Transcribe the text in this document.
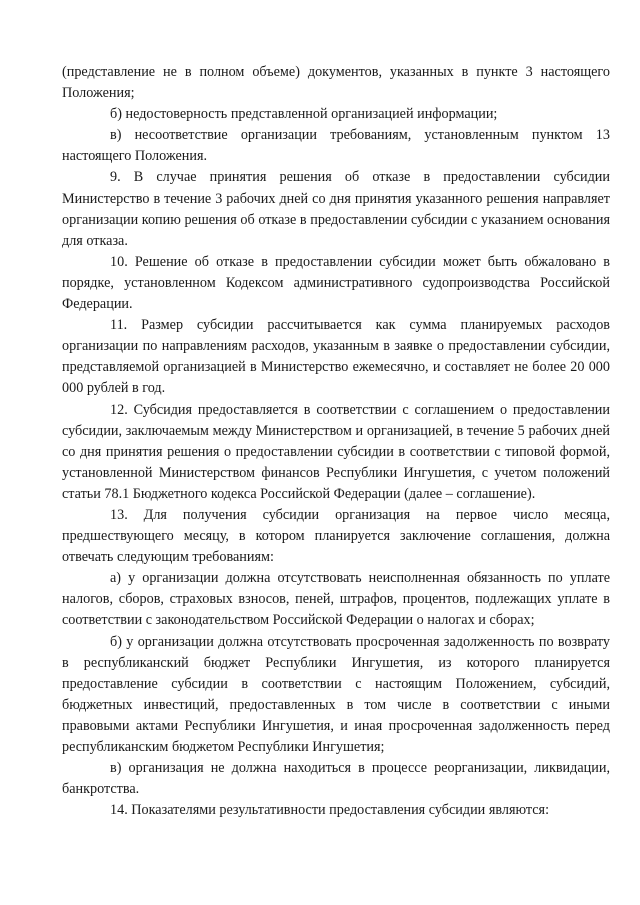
(представление не в полном объеме) документов, указанных в пункте 3 настоящего Положения;

б) недостоверность представленной организацией информации;

в) несоответствие организации требованиям, установленным пунктом 13 настоящего Положения.

9. В случае принятия решения об отказе в предоставлении субсидии Министерство в течение 3 рабочих дней со дня принятия указанного решения направляет организации копию решения об отказе в предоставлении субсидии с указанием основания для отказа.

10. Решение об отказе в предоставлении субсидии может быть обжаловано в порядке, установленном Кодексом административного судопроизводства Российской Федерации.

11. Размер субсидии рассчитывается как сумма планируемых расходов организации по направлениям расходов, указанным в заявке о предоставлении субсидии, представляемой организацией в Министерство ежемесячно, и составляет не более 20 000 000 рублей в год.

12. Субсидия предоставляется в соответствии с соглашением о предоставлении субсидии, заключаемым между Министерством и организацией, в течение 5 рабочих дней со дня принятия решения о предоставлении субсидии в соответствии с типовой формой, установленной Министерством финансов Республики Ингушетия, с учетом положений статьи 78.1 Бюджетного кодекса Российской Федерации (далее – соглашение).

13. Для получения субсидии организация на первое число месяца, предшествующего месяцу, в котором планируется заключение соглашения, должна отвечать следующим требованиям:

а) у организации должна отсутствовать неисполненная обязанность по уплате налогов, сборов, страховых взносов, пеней, штрафов, процентов, подлежащих уплате в соответствии с законодательством Российской Федерации о налогах и сборах;

б) у организации должна отсутствовать просроченная задолженность по возврату в республиканский бюджет Республики Ингушетия, из которого планируется предоставление субсидии в соответствии с настоящим Положением, субсидий, бюджетных инвестиций, предоставленных в том числе в соответствии с иными правовыми актами Республики Ингушетия, и иная просроченная задолженность перед республиканским бюджетом Республики Ингушетия;

в) организация не должна находиться в процессе реорганизации, ликвидации, банкротства.

14. Показателями результативности предоставления субсидии являются:
